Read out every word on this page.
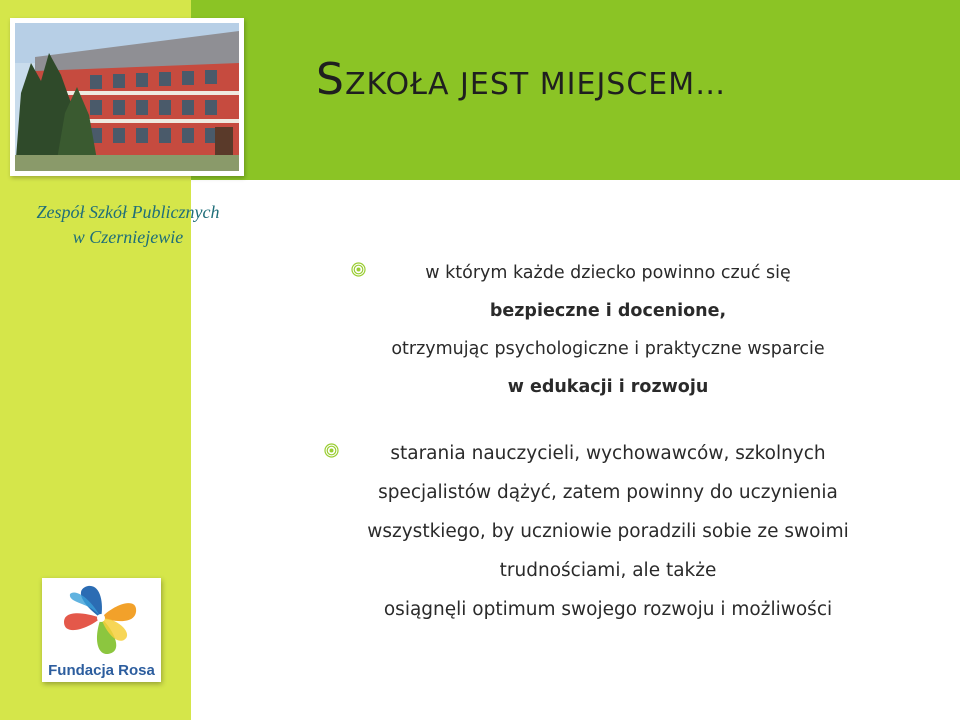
SZKOŁA JEST MIEJSCEM…
Zespół Szkół Publicznych
w Czerniejewie
w którym każde dziecko powinno czuć się
bezpieczne i docenione,
otrzymując psychologiczne i praktyczne wsparcie
w edukacji i rozwoju
starania nauczycieli, wychowawców, szkolnych
specjalistów dążyć, zatem powinny do uczynienia
wszystkiego, by uczniowie poradzili sobie ze swoimi
trudnościami, ale także
osiągnęli optimum swojego rozwoju i możliwości
Fundacja Rosa
